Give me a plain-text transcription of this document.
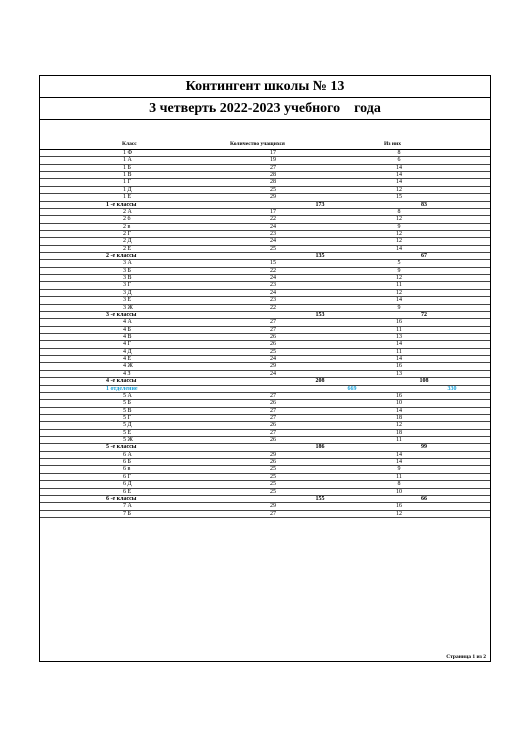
Контингент школы № 13
3 четверть 2022-2023 учебного    года
Класс	Количество учащихся	Из них
1 Ф	17	8
1 А	19	6
1 Б	27	14
1 В	28	14
1 Г	28	14
1 Д	25	12
1 Е	29	15
1 -е классы	173	83
2 А	17	8
2 б	22	12
2 в	24	9
2 Г	23	12
2 Д	24	12
2 Е	25	14
2 -е классы	135	67
3 А	15	5
3 Б	22	9
3 В	24	12
3 Г	23	11
3 Д	24	12
3 Е	23	14
3 Ж	22	9
3 -е классы	153	72
4 А	27	16
4 Б	27	11
4 В	26	13
4 Г	26	14
4 Д	25	11
4 Е	24	14
4 Ж	29	16
4 З	24	13
4 -е классы	208	108
1 отделение	669	330
5 А	27	16
5 Б	26	10
5 В	27	14
5 Г	27	18
5 Д	26	12
5 Е	27	18
5 Ж	26	11
5 -е классы	186	99
6 А	29	14
6 Б	26	14
6 в	25	9
6 Г	25	11
6 Д	25	8
6 Е	25	10
6 -е классы	155	66
7 А	29	16
7 Б	27	12
Страница 1 из 2
